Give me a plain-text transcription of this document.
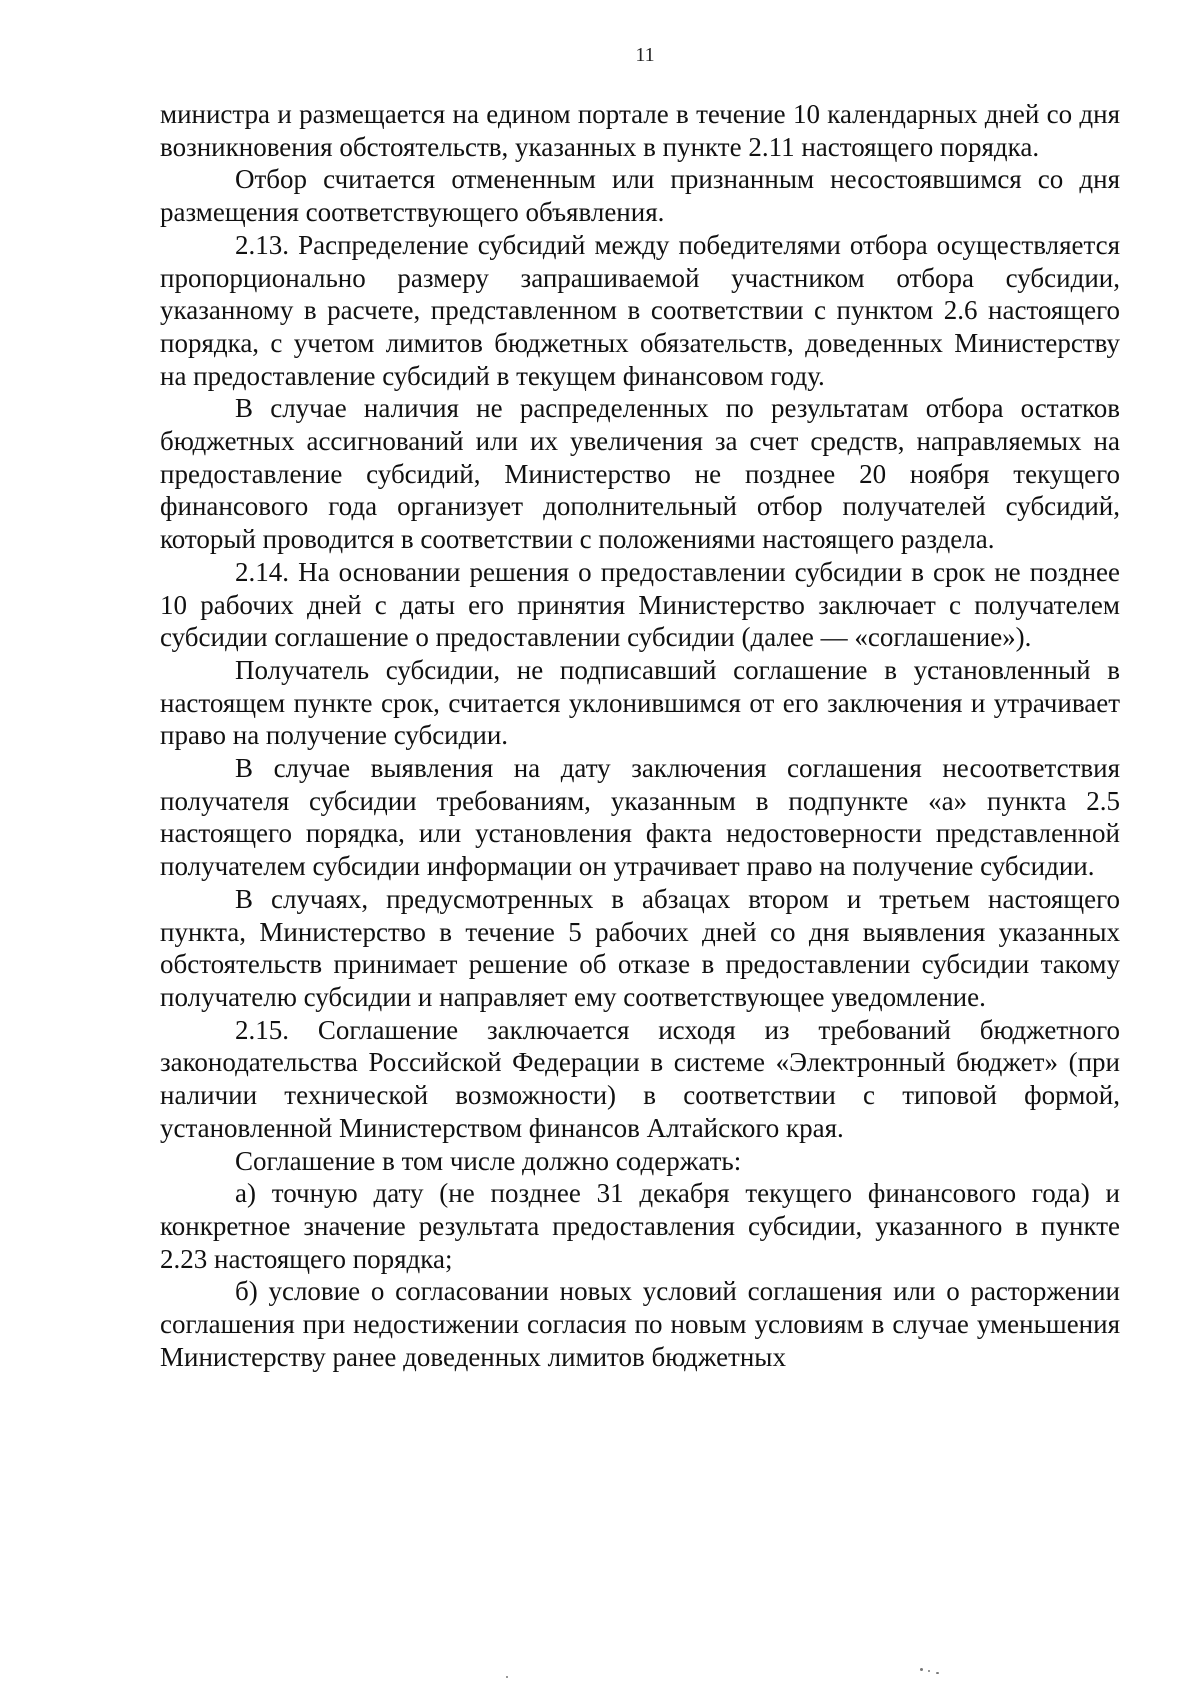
11

министра и размещается на едином портале в течение 10 календарных дней со дня возникновения обстоятельств, указанных в пункте 2.11 настоящего порядка.

Отбор считается отмененным или признанным несостоявшимся со дня размещения соответствующего объявления.

2.13. Распределение субсидий между победителями отбора осуществляется пропорционально размеру запрашиваемой участником отбора субсидии, указанному в расчете, представленном в соответствии с пунктом 2.6 настоящего порядка, с учетом лимитов бюджетных обязательств, доведенных Министерству на предоставление субсидий в текущем финансовом году.

В случае наличия не распределенных по результатам отбора остатков бюджетных ассигнований или их увеличения за счет средств, направляемых на предоставление субсидий, Министерство не позднее 20 ноября текущего финансового года организует дополнительный отбор получателей субсидий, который проводится в соответствии с положениями настоящего раздела.

2.14. На основании решения о предоставлении субсидии в срок не позднее 10 рабочих дней с даты его принятия Министерство заключает с получателем субсидии соглашение о предоставлении субсидии (далее — «соглашение»).

Получатель субсидии, не подписавший соглашение в установленный в настоящем пункте срок, считается уклонившимся от его заключения и утрачивает право на получение субсидии.

В случае выявления на дату заключения соглашения несоответствия получателя субсидии требованиям, указанным в подпункте «а» пункта 2.5 настоящего порядка, или установления факта недостоверности представленной получателем субсидии информации он утрачивает право на получение субсидии.

В случаях, предусмотренных в абзацах втором и третьем настоящего пункта, Министерство в течение 5 рабочих дней со дня выявления указанных обстоятельств принимает решение об отказе в предоставлении субсидии такому получателю субсидии и направляет ему соответствующее уведомление.

2.15. Соглашение заключается исходя из требований бюджетного законодательства Российской Федерации в системе «Электронный бюджет» (при наличии технической возможности) в соответствии с типовой формой, установленной Министерством финансов Алтайского края.

Соглашение в том числе должно содержать:

а) точную дату (не позднее 31 декабря текущего финансового года) и конкретное значение результата предоставления субсидии, указанного в пункте 2.23 настоящего порядка;

б) условие о согласовании новых условий соглашения или о расторжении соглашения при недостижении согласия по новым условиям в случае уменьшения Министерству ранее доведенных лимитов бюджетных
